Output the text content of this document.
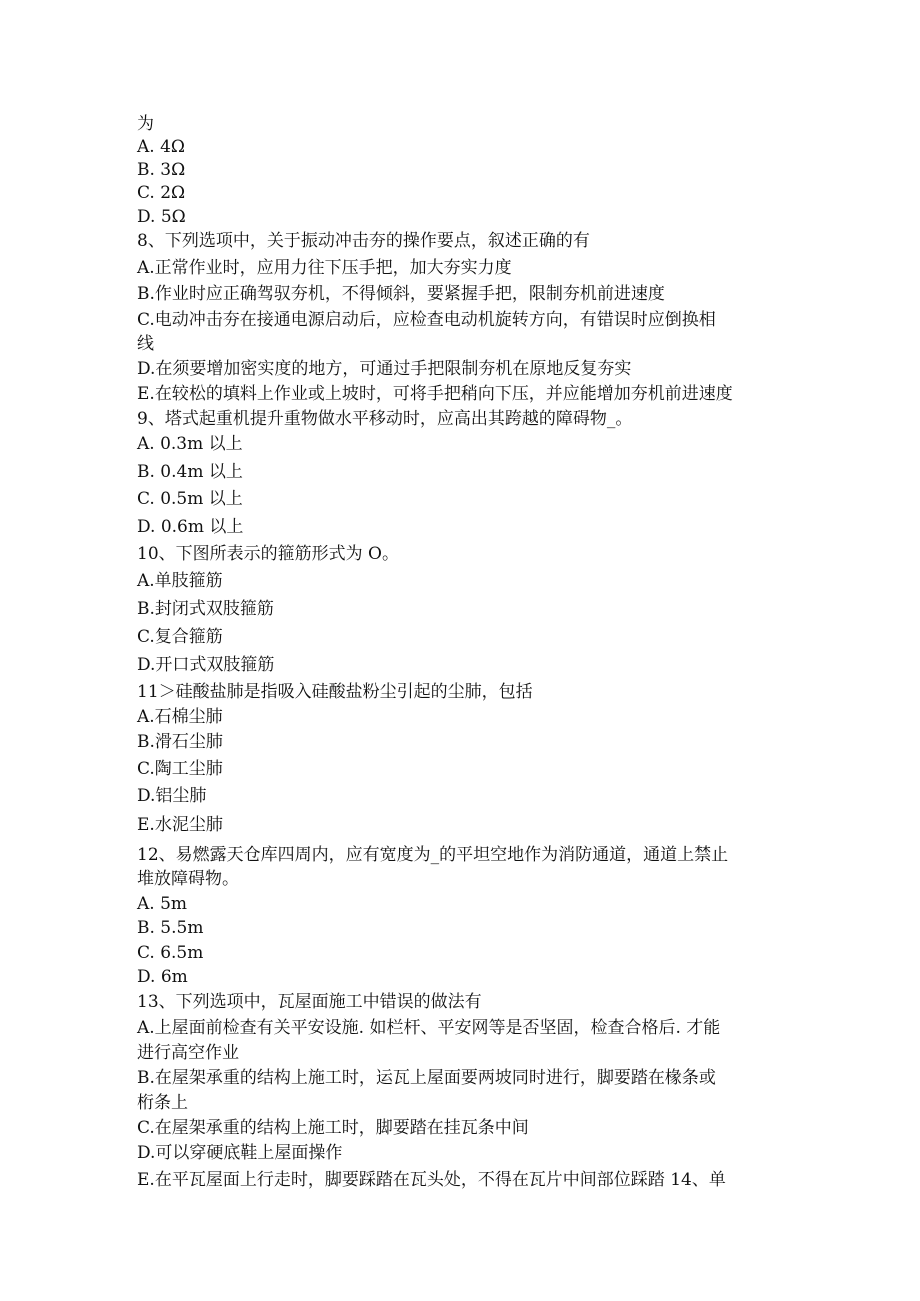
为
A. 4Ω
B. 3Ω
C. 2Ω
D. 5Ω
8、下列选项中，关于振动冲击夯的操作要点，叙述正确的有
A.正常作业时，应用力往下压手把，加大夯实力度
B.作业时应正确驾驭夯机，不得倾斜，要紧握手把，限制夯机前进速度
C.电动冲击夯在接通电源启动后，应检查电动机旋转方向，有错误时应倒换相
线
D.在须要增加密实度的地方，可通过手把限制夯机在原地反复夯实
E.在较松的填料上作业或上坡时，可将手把稍向下压，并应能增加夯机前进速度
9、塔式起重机提升重物做水平移动时，应高出其跨越的障碍物_。
A. 0.3m 以上
B. 0.4m 以上
C. 0.5m 以上
D. 0.6m 以上
10、下图所表示的箍筋形式为 O。
A.单肢箍筋
B.封闭式双肢箍筋
C.复合箍筋
D.开口式双肢箍筋
11＞硅酸盐肺是指吸入硅酸盐粉尘引起的尘肺，包括
A.石棉尘肺
B.滑石尘肺
C.陶工尘肺
D.铝尘肺
E.水泥尘肺
12、易燃露天仓库四周内，应有宽度为_的平坦空地作为消防通道，通道上禁止
堆放障碍物。
A. 5m
B. 5.5m
C. 6.5m
D. 6m
13、下列选项中，瓦屋面施工中错误的做法有
A.上屋面前检查有关平安设施. 如栏杆、平安网等是否坚固，检查合格后. 才能
进行高空作业
B.在屋架承重的结构上施工时，运瓦上屋面要两坡同时进行，脚要踏在椽条或
桁条上
C.在屋架承重的结构上施工时，脚要踏在挂瓦条中间
D.可以穿硬底鞋上屋面操作
E.在平瓦屋面上行走时，脚要踩踏在瓦头处，不得在瓦片中间部位踩踏 14、单
